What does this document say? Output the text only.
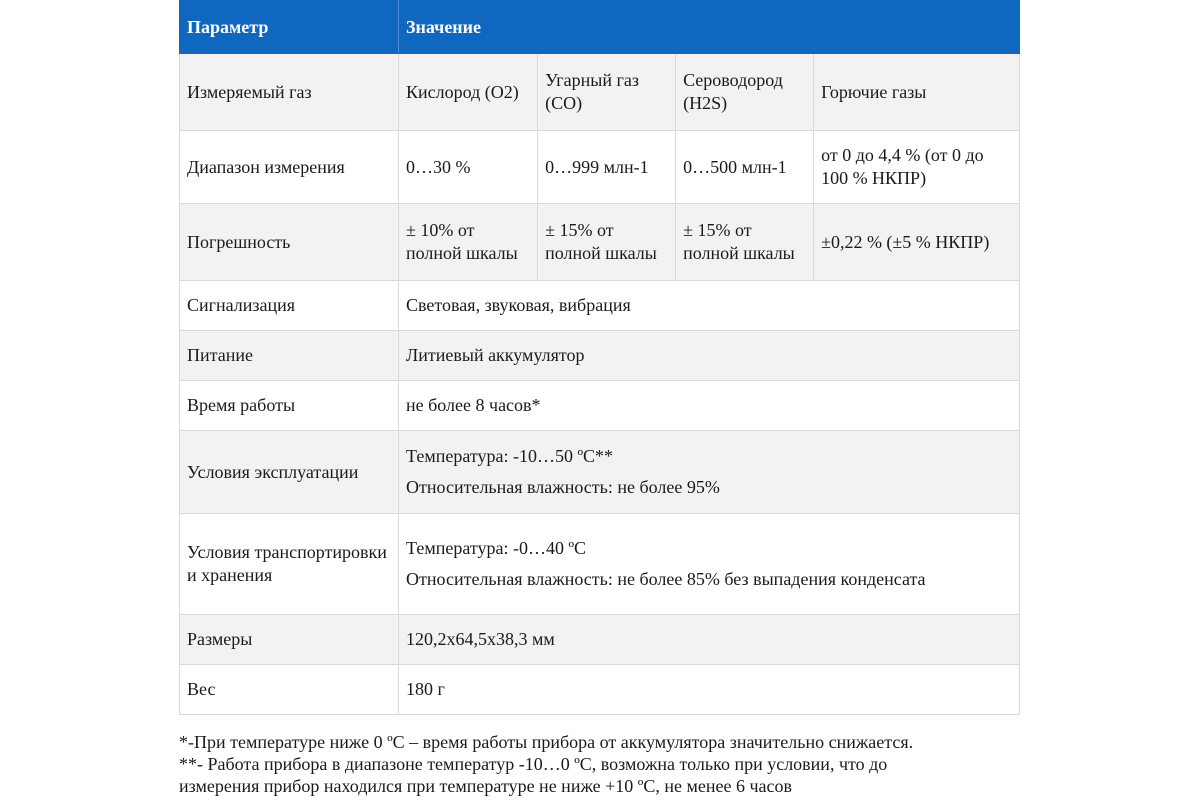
Параметр	Значение			
Измеряемый газ	Кислород (O2)	Угарный газ (CO)	Сероводород (H2S)	Горючие газы
Диапазон измерения	0…30 %	0…999 млн-1	0…500 млн-1	от 0 до 4,4 % (от 0 до 100 % НКПР)
Погрешность	± 10% от полной шкалы	± 15% от полной шкалы	± 15% от полной шкалы	±0,22 % (±5 % НКПР)
Сигнализация	Световая, звуковая, вибрация			
Питание	Литиевый аккумулятор			
Время работы	не более 8 часов*			
Условия эксплуатации	Температура: -10…50 ºС**
Относительная влажность: не более 95%			

Условия транспортировки и хранения	Температура: -0…40 ºС
Относительная влажность: не более 85% без выпадения конденсата			

Размеры	120,2x64,5x38,3 мм			
Вес	180 г			
*-При температуре ниже 0 ºС – время работы прибора от аккумулятора значительно снижается.
**- Работа прибора в диапазоне температур -10…0 ºС, возможна только при условии, что до
измерения прибор находился при температуре не ниже +10 ºС, не менее 6 часов
